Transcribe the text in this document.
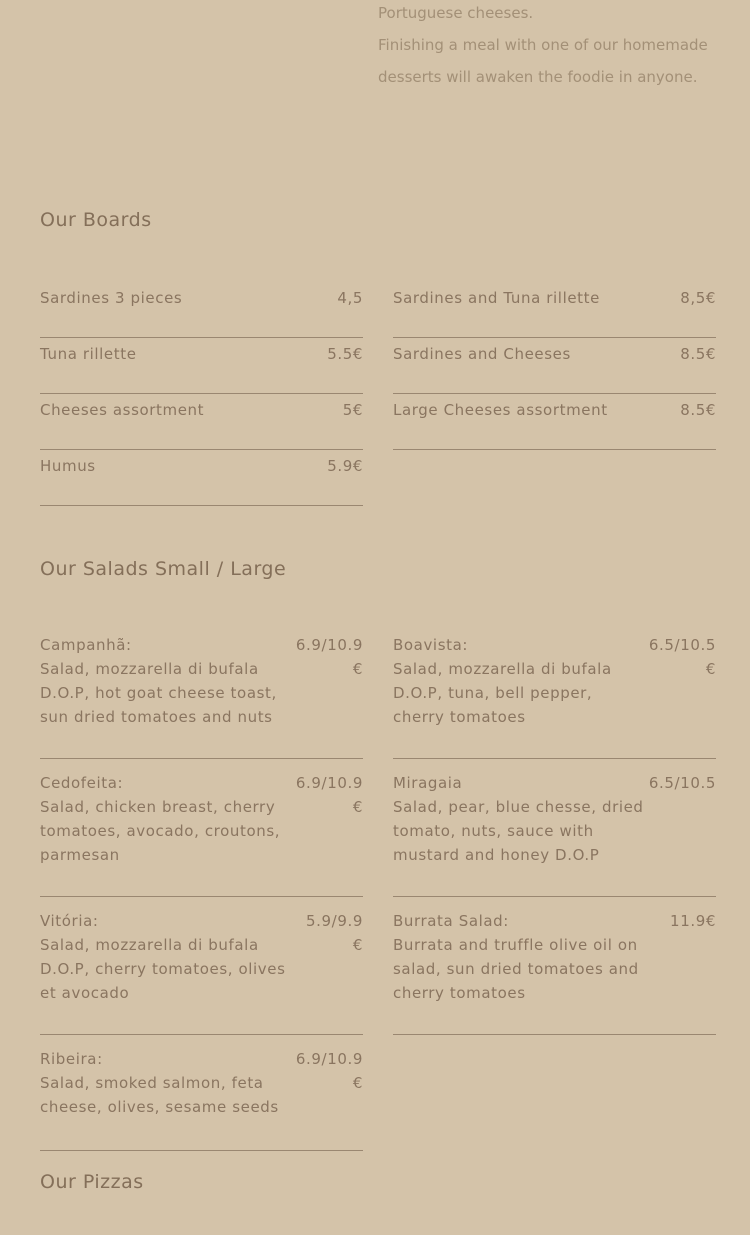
Portuguese cheeses.

Finishing a meal with one of our homemade

desserts will awaken the foodie in anyone.

Our Boards
Sardines 3 pieces	4,5
Tuna rillette	5.5€
Cheeses assortment	5€
Humus	5.9€
Sardines and Tuna rillette	8,5€
Sardines and Cheeses	8.5€
Large Cheeses assortment	8.5€
Our Salads Small / Large
Campanhã:
Salad, mozzarella di bufala D.O.P, hot goat cheese toast, sun dried tomatoes and nuts
6.9/10.9 €
Cedofeita:
Salad, chicken breast, cherry tomatoes, avocado, croutons, parmesan
6.9/10.9 €
Vitória:
Salad, mozzarella di bufala D.O.P, cherry tomatoes, olives et avocado
5.9/9.9 €
Ribeira:
Salad, smoked salmon, feta cheese, olives, sesame seeds
6.9/10.9 €
Boavista:
Salad, mozzarella di bufala D.O.P, tuna, bell pepper, cherry tomatoes
6.5/10.5 €
Miragaia
Salad, pear, blue chesse, dried tomato, nuts, sauce with mustard and honey D.O.P
6.5/10.5
Burrata Salad:
Burrata and truffle olive oil on salad, sun dried tomatoes and cherry tomatoes
11.9€
Our Pizzas
